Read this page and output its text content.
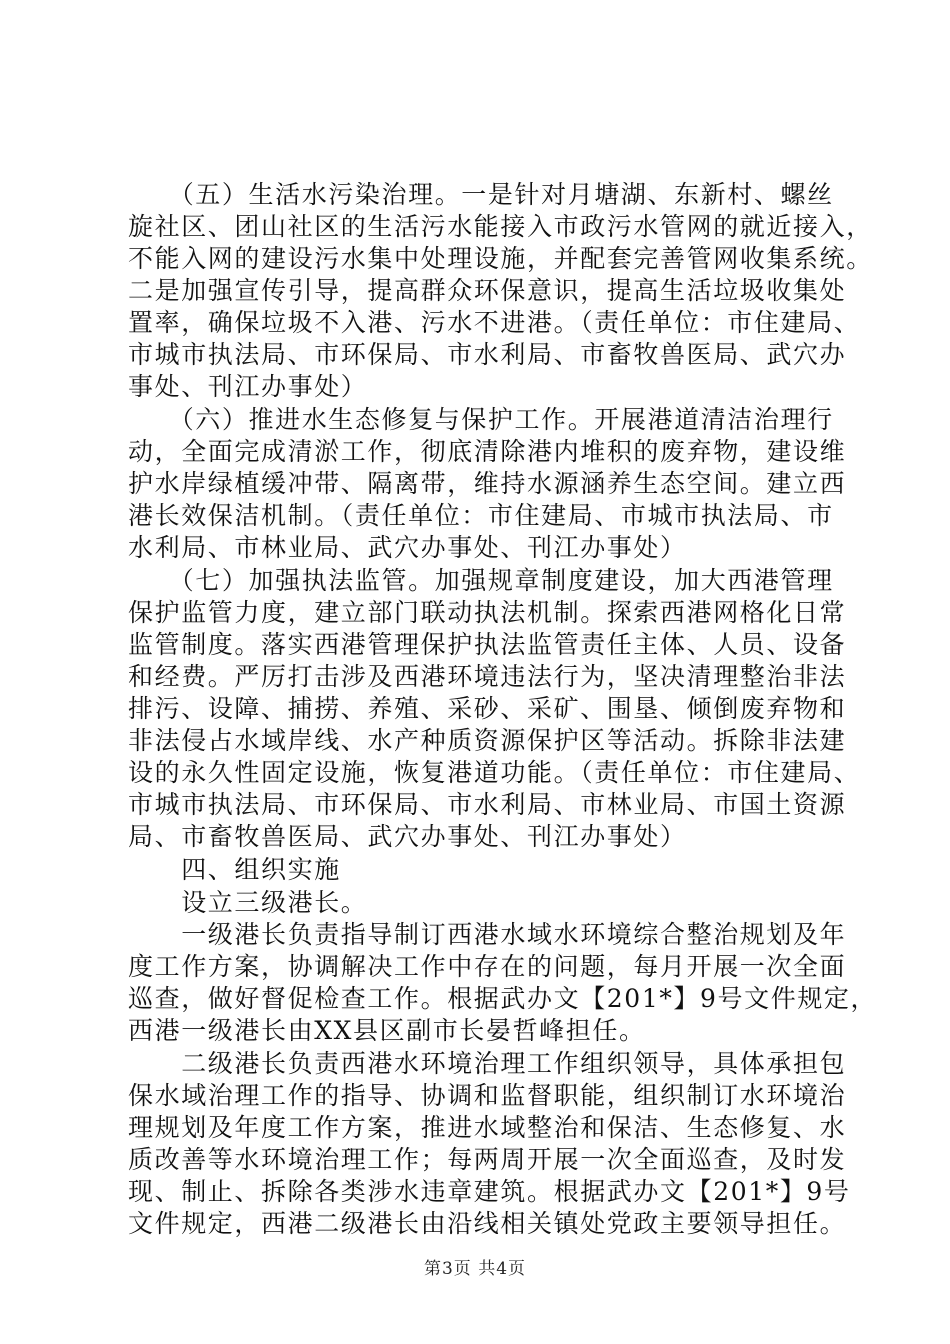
　　（五）生活水污染治理。一是针对月塘湖、东新村、螺丝
旋社区、团山社区的生活污水能接入市政污水管网的就近接入，
不能入网的建设污水集中处理设施，并配套完善管网收集系统。
二是加强宣传引导，提高群众环保意识，提高生活垃圾收集处
置率，确保垃圾不入港、污水不进港。（责任单位：市住建局、
市城市执法局、市环保局、市水利局、市畜牧兽医局、武穴办
事处、刊江办事处）
　　（六）推进水生态修复与保护工作。开展港道清洁治理行
动，全面完成清淤工作，彻底清除港内堆积的废弃物，建设维
护水岸绿植缓冲带、隔离带，维持水源涵养生态空间。建立西
港长效保洁机制。（责任单位：市住建局、市城市执法局、市
水利局、市林业局、武穴办事处、刊江办事处）
　　（七）加强执法监管。加强规章制度建设，加大西港管理
保护监管力度，建立部门联动执法机制。探索西港网格化日常
监管制度。落实西港管理保护执法监管责任主体、人员、设备
和经费。严厉打击涉及西港环境违法行为，坚决清理整治非法
排污、设障、捕捞、养殖、采砂、采矿、围垦、倾倒废弃物和
非法侵占水域岸线、水产种质资源保护区等活动。拆除非法建
设的永久性固定设施，恢复港道功能。（责任单位：市住建局、
市城市执法局、市环保局、市水利局、市林业局、市国土资源
局、市畜牧兽医局、武穴办事处、刊江办事处）
　　四、组织实施
　　设立三级港长。
　　一级港长负责指导制订西港水域水环境综合整治规划及年
度工作方案，协调解决工作中存在的问题，每月开展一次全面
巡查，做好督促检查工作。根据武办文【201*】9号文件规定，
西港一级港长由XX县区副市长晏哲峰担任。
　　二级港长负责西港水环境治理工作组织领导，具体承担包
保水域治理工作的指导、协调和监督职能，组织制订水环境治
理规划及年度工作方案，推进水域整治和保洁、生态修复、水
质改善等水环境治理工作；每两周开展一次全面巡查，及时发
现、制止、拆除各类涉水违章建筑。根据武办文【201*】9号
文件规定，西港二级港长由沿线相关镇处党政主要领导担任。
第3页 共4页
